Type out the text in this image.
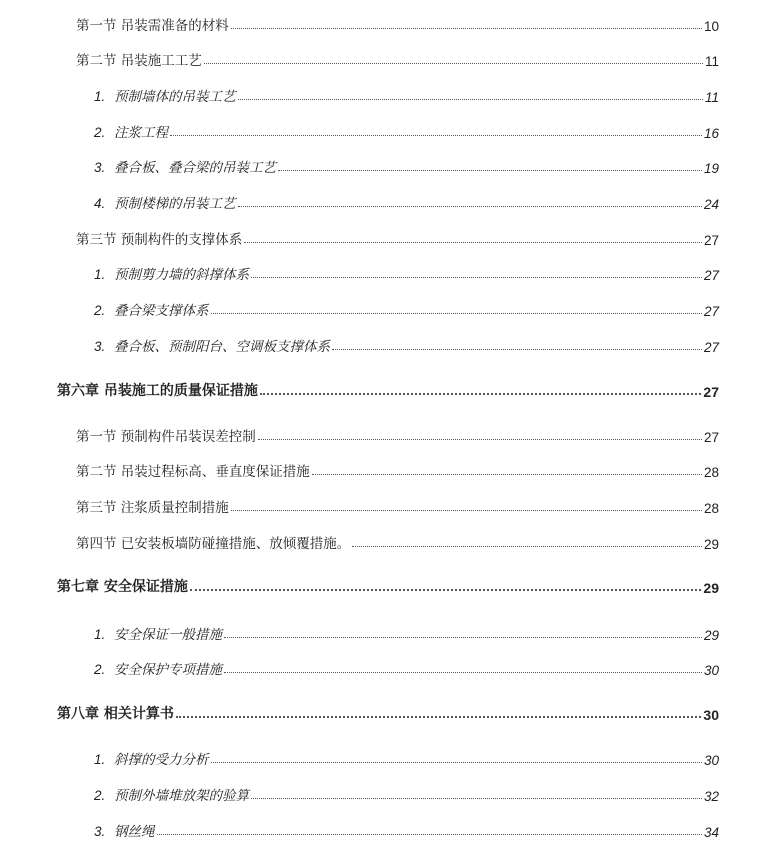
第一节 吊装需准备的材料	10
第二节 吊装施工工艺	11
1. 预制墙体的吊装工艺	11
2. 注浆工程	16
3. 叠合板、叠合梁的吊装工艺	19
4. 预制楼梯的吊装工艺	24
第三节 预制构件的支撑体系	27
1. 预制剪力墙的斜撑体系	27
2. 叠合梁支撑体系	27
3. 叠合板、预制阳台、空调板支撑体系	27
第六章 吊装施工的质量保证措施	27
第一节 预制构件吊装误差控制	27
第二节 吊装过程标高、垂直度保证措施	28
第三节 注浆质量控制措施	28
第四节 已安装板墙防碰撞措施、放倾覆措施。	29
第七章 安全保证措施	29
1. 安全保证一般措施	29
2. 安全保护专项措施	30
第八章 相关计算书	30
1. 斜撑的受力分析	30
2. 预制外墙堆放架的验算	32
3. 钢丝绳	34
